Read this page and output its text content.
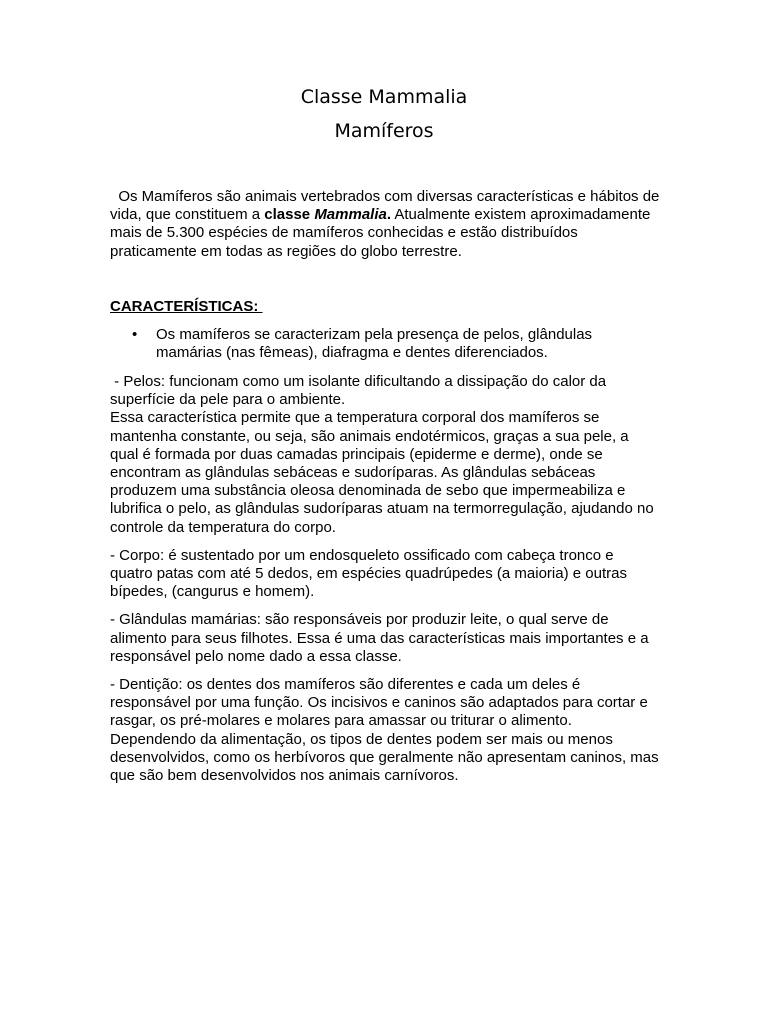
Classe Mammalia
Mamíferos

Os Mamíferos são animais vertebrados com diversas características e hábitos de vida, que constituem a classe Mammalia. Atualmente existem aproximadamente mais de 5.300 espécies de mamíferos conhecidas e estão distribuídos praticamente em todas as regiões do globo terrestre.

CARACTERÍSTICAS:

• Os mamíferos se caracterizam pela presença de pelos, glândulas mamárias (nas fêmeas), diafragma e dentes diferenciados.

- Pelos: funcionam como um isolante dificultando a dissipação do calor da superfície da pele para o ambiente.
Essa característica permite que a temperatura corporal dos mamíferos se mantenha constante, ou seja, são animais endotérmicos, graças a sua pele, a qual é formada por duas camadas principais (epiderme e derme), onde se encontram as glândulas sebáceas e sudoríparas. As glândulas sebáceas produzem uma substância oleosa denominada de sebo que impermeabiliza e lubrifica o pelo, as glândulas sudoríparas atuam na termorregulação, ajudando no controle da temperatura do corpo.

- Corpo: é sustentado por um endosqueleto ossificado com cabeça tronco e quatro patas com até 5 dedos, em espécies quadrúpedes (a maioria) e outras bípedes, (cangurus e homem).

- Glândulas mamárias: são responsáveis por produzir leite, o qual serve de alimento para seus filhotes. Essa é uma das características mais importantes e a responsável pelo nome dado a essa classe.

- Dentição: os dentes dos mamíferos são diferentes e cada um deles é responsável por uma função. Os incisivos e caninos são adaptados para cortar e rasgar, os pré-molares e molares para amassar ou triturar o alimento. Dependendo da alimentação, os tipos de dentes podem ser mais ou menos desenvolvidos, como os herbívoros que geralmente não apresentam caninos, mas que são bem desenvolvidos nos animais carnívoros.
